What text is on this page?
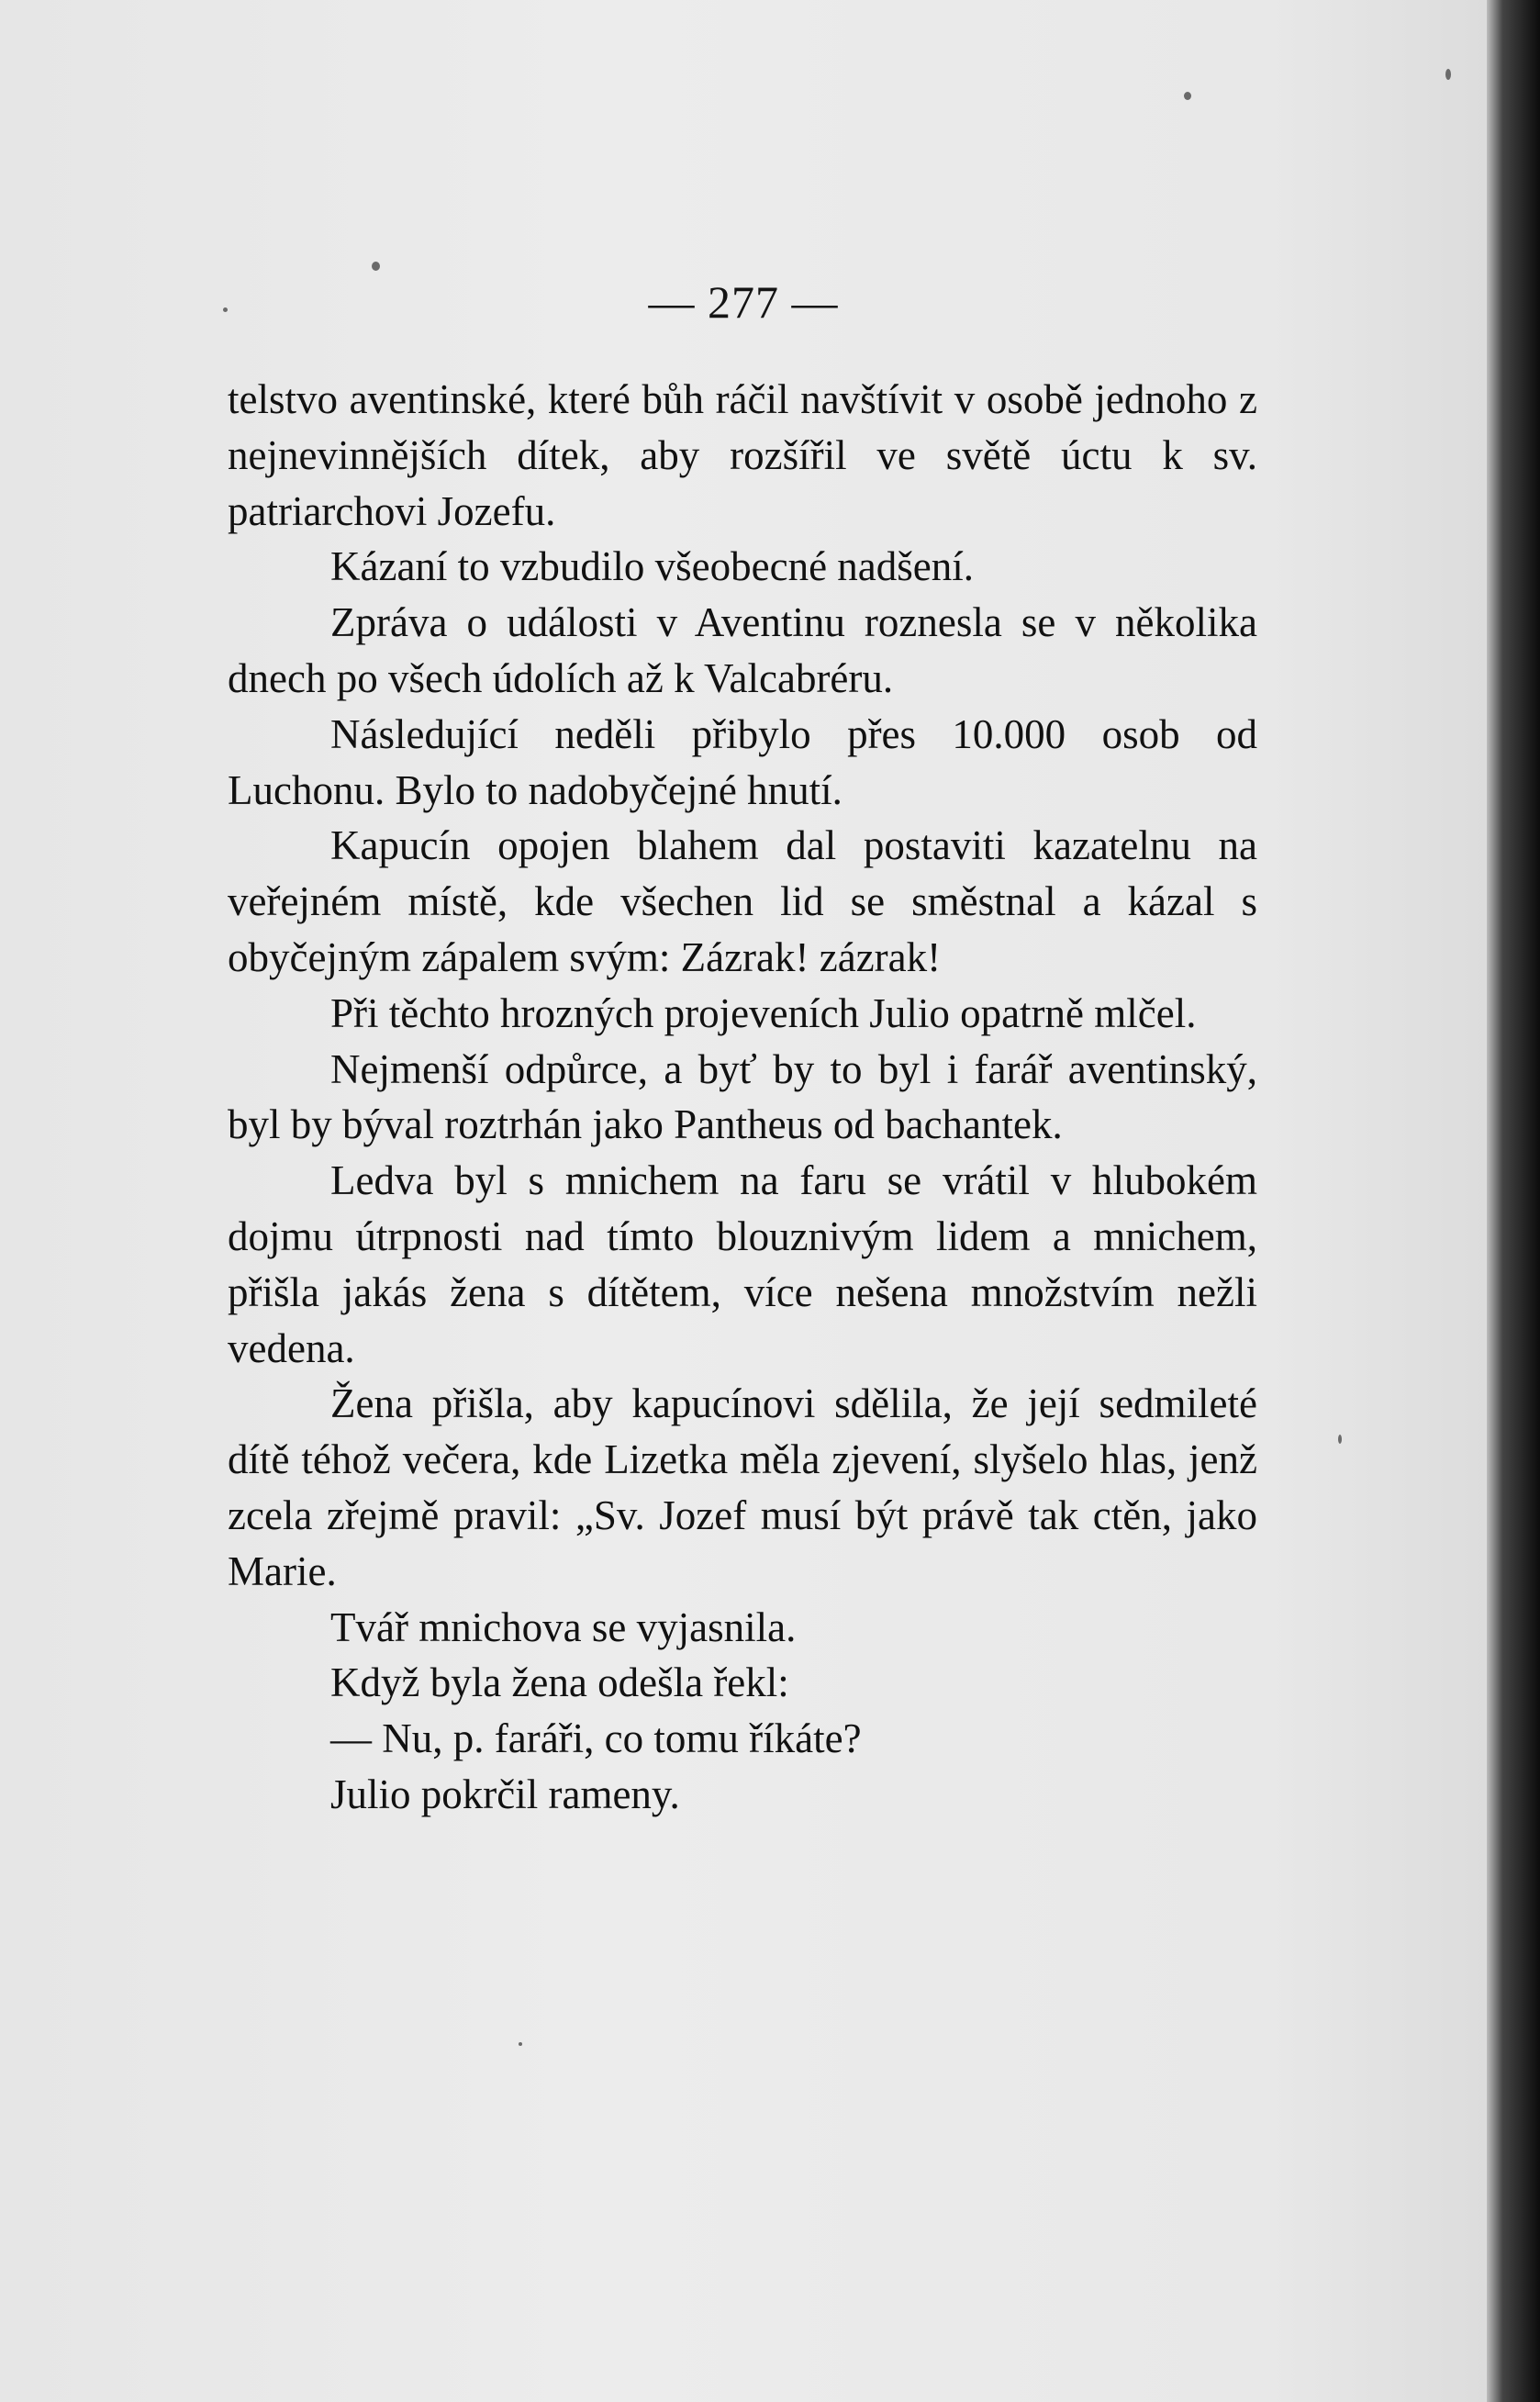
— 277 —

telstvo aventinské, které bůh ráčil navštívit v osobě jednoho z nejnevinnějších dítek, aby rozšířil ve světě úctu k sv. patriarchovi Jozefu.

Kázaní to vzbudilo všeobecné nadšení.

Zpráva o události v Aventinu roznesla se v několika dnech po všech údolích až k Valcabréru.

Následující neděli přibylo přes 10.000 osob od Luchonu. Bylo to nadobyčejné hnutí.

Kapucín opojen blahem dal postaviti kazatelnu na veřejném místě, kde všechen lid se směstnal a kázal s obyčejným zápalem svým: Zázrak! zázrak!

Při těchto hrozných projeveních Julio opatrně mlčel.

Nejmenší odpůrce, a byť by to byl i farář aventinský, byl by býval roztrhán jako Pantheus od bachantek.

Ledva byl s mnichem na faru se vrátil v hlubokém dojmu útrpnosti nad tímto blouznivým lidem a mnichem, přišla jakás žena s dítětem, více nešena množstvím nežli vedena.

Žena přišla, aby kapucínovi sdělila, že její sedmileté dítě téhož večera, kde Lizetka měla zjevení, slyšelo hlas, jenž zcela zřejmě pravil: „Sv. Jozef musí být právě tak ctěn, jako Marie.

Tvář mnichova se vyjasnila.

Když byla žena odešla řekl:

— Nu, p. faráři, co tomu říkáte?

Julio pokrčil rameny.
